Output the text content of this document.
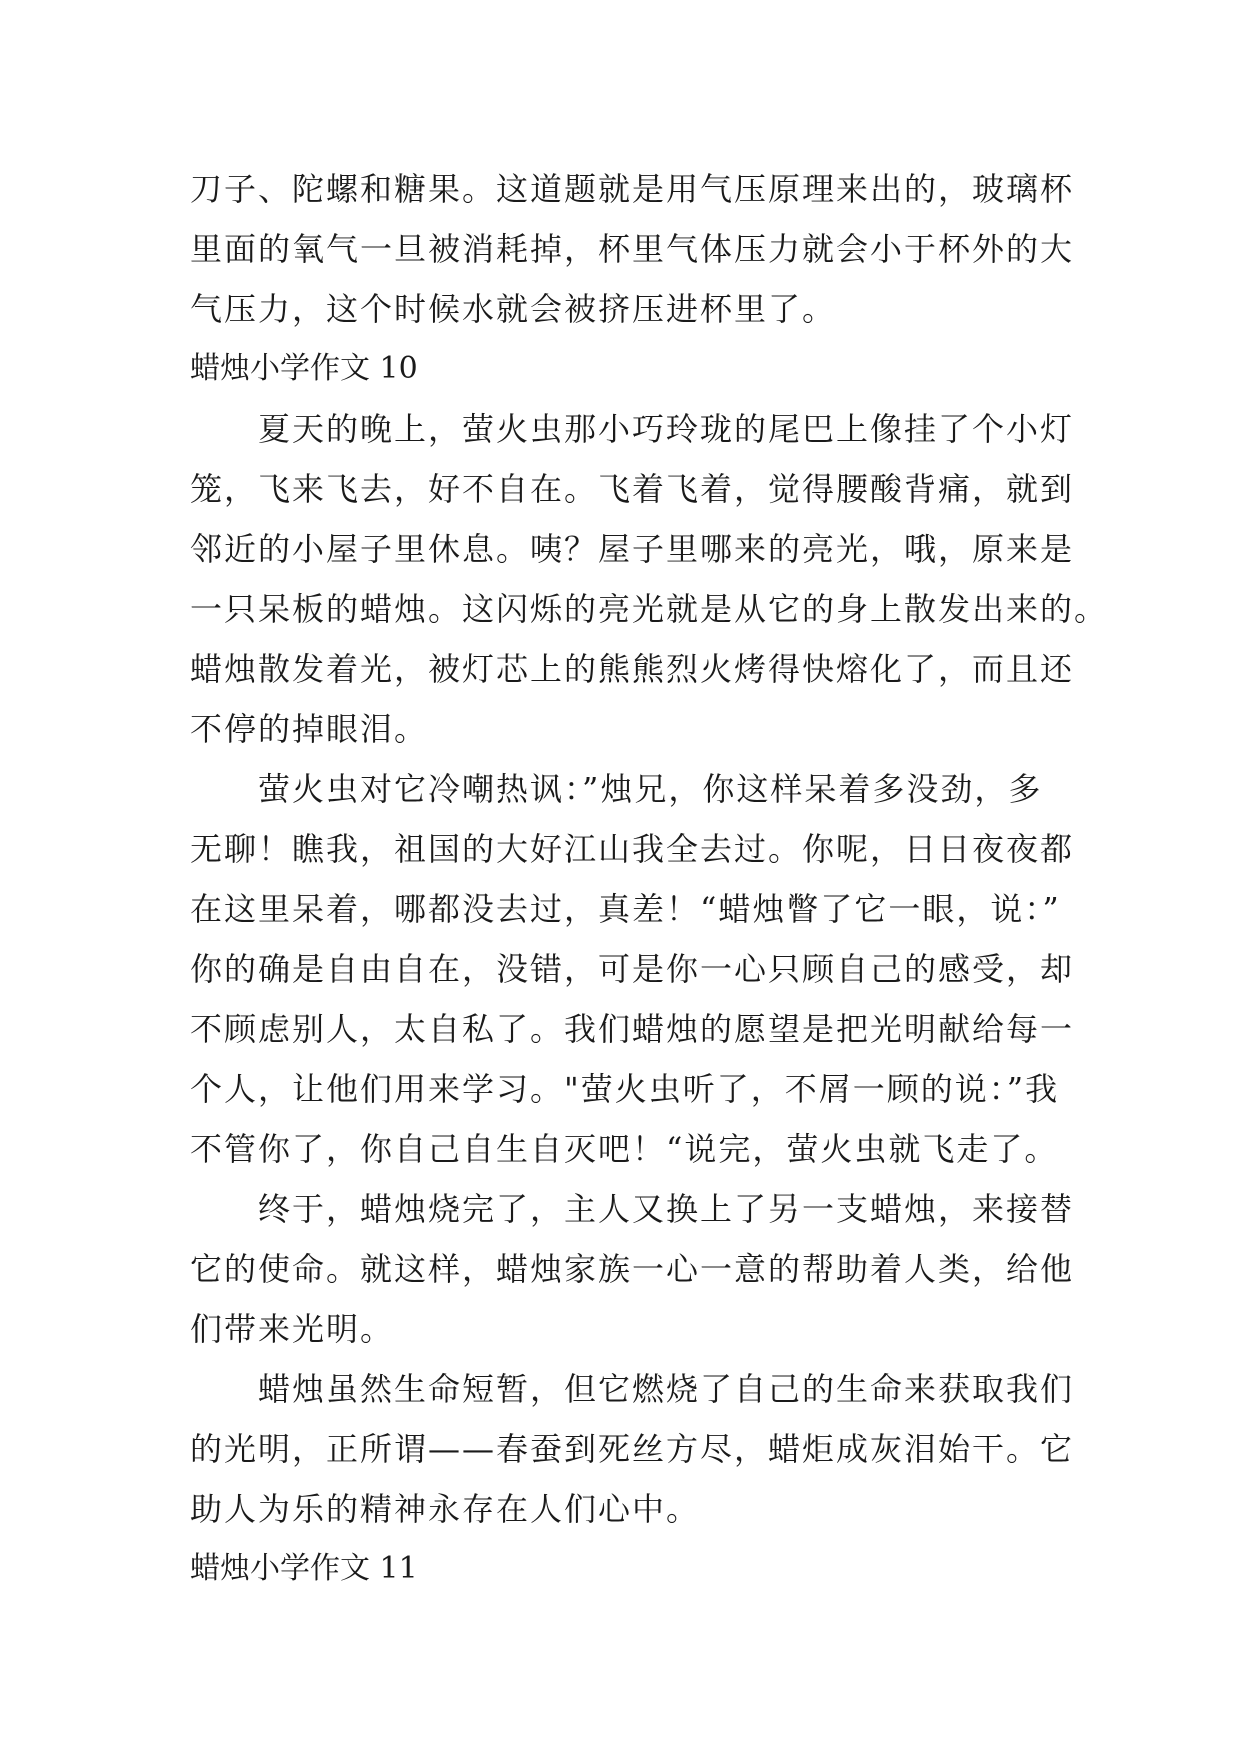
刀子、陀螺和糖果。这道题就是用气压原理来出的，玻璃杯
里面的氧气一旦被消耗掉，杯里气体压力就会小于杯外的大
气压力，这个时候水就会被挤压进杯里了。
蜡烛小学作文 10
　　夏天的晚上，萤火虫那小巧玲珑的尾巴上像挂了个小灯
笼，飞来飞去，好不自在。飞着飞着，觉得腰酸背痛，就到
邻近的小屋子里休息。咦？屋子里哪来的亮光，哦，原来是
一只呆板的蜡烛。这闪烁的亮光就是从它的身上散发出来的。
蜡烛散发着光，被灯芯上的熊熊烈火烤得快熔化了，而且还
不停的掉眼泪。
　　萤火虫对它冷嘲热讽：”烛兄，你这样呆着多没劲，多
无聊！瞧我，祖国的大好江山我全去过。你呢，日日夜夜都
在这里呆着，哪都没去过，真差！“蜡烛瞥了它一眼，说：”
你的确是自由自在，没错，可是你一心只顾自己的感受，却
不顾虑别人，太自私了。我们蜡烛的愿望是把光明献给每一
个人，让他们用来学习。"萤火虫听了，不屑一顾的说：”我
不管你了，你自己自生自灭吧！“说完，萤火虫就飞走了。
　　终于，蜡烛烧完了，主人又换上了另一支蜡烛，来接替
它的使命。就这样，蜡烛家族一心一意的帮助着人类，给他
们带来光明。
　　蜡烛虽然生命短暂，但它燃烧了自己的生命来获取我们
的光明，正所谓——春蚕到死丝方尽，蜡炬成灰泪始干。它
助人为乐的精神永存在人们心中。
蜡烛小学作文 11
